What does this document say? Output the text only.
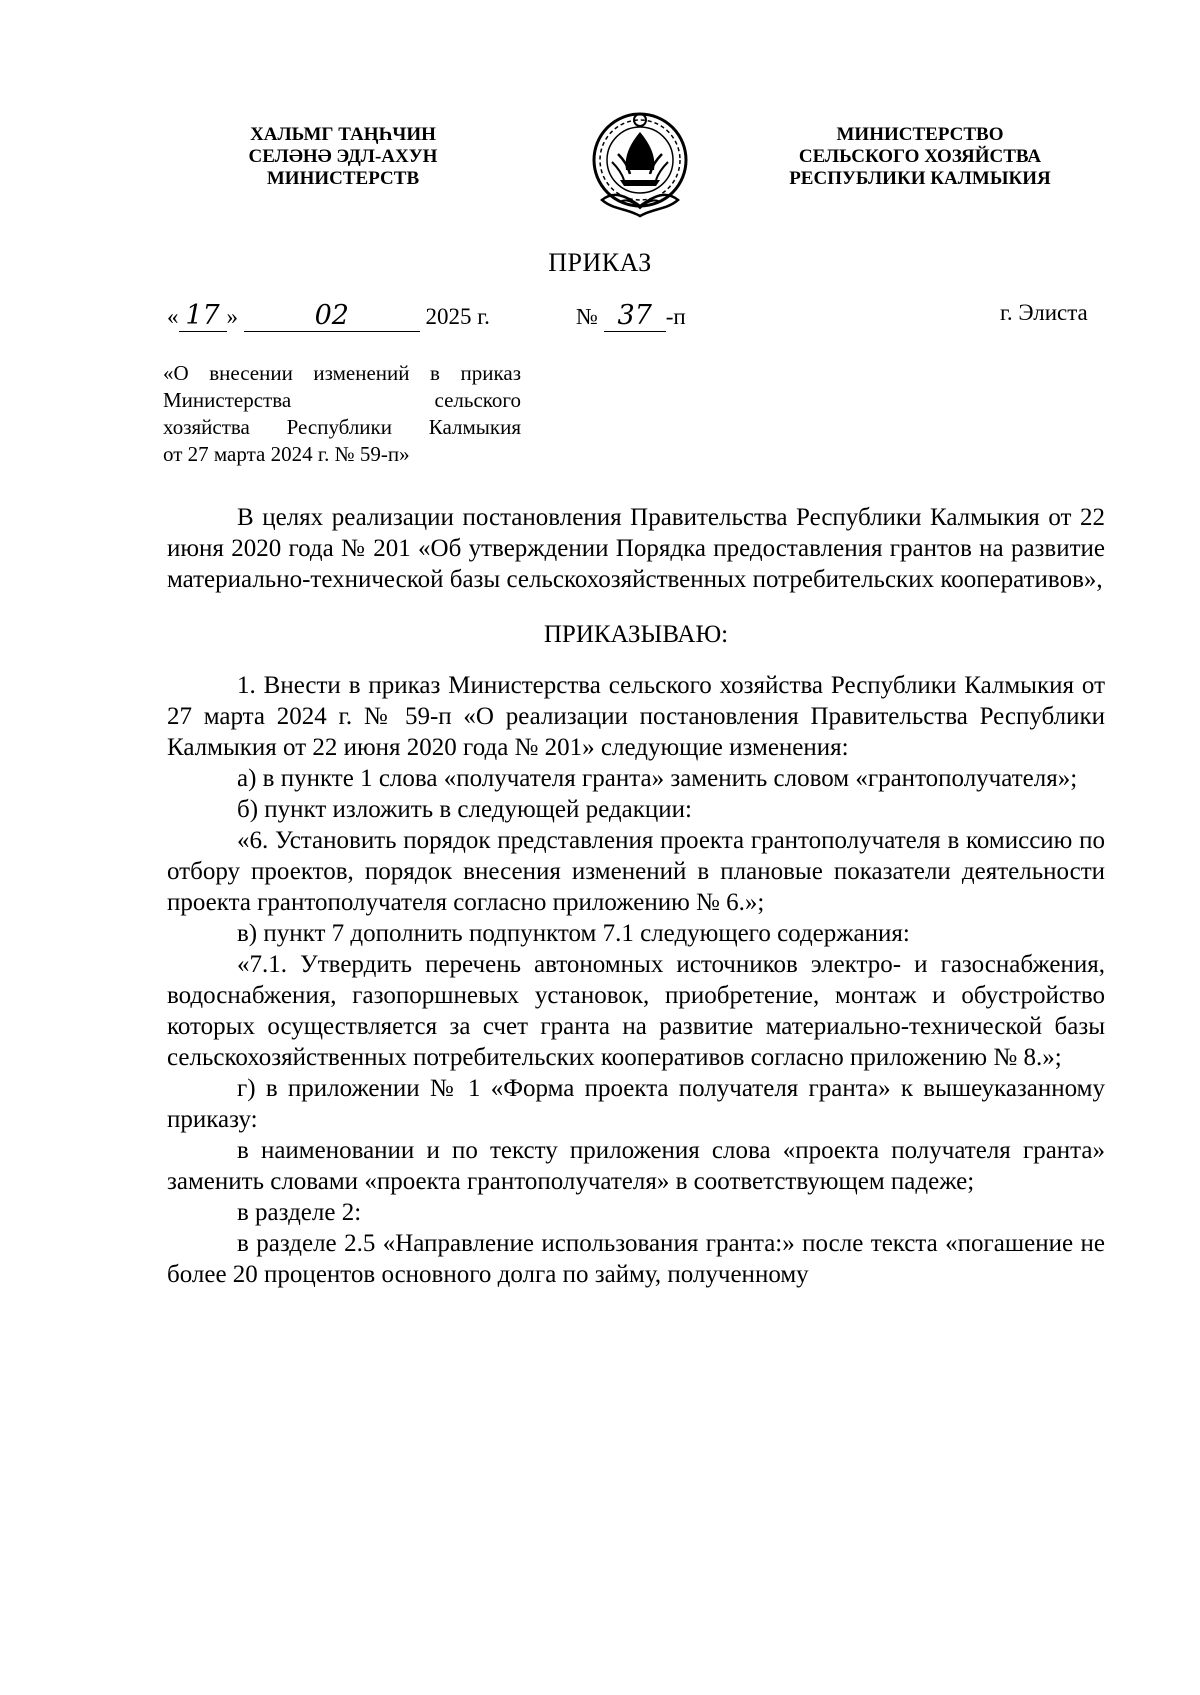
ХАЛЬМГ ТАҢҺЧИН
СЕЛӘНӘ ЭДЛ-АХУН
МИНИСТЕРСТВ
МИНИСТЕРСТВО
СЕЛЬСКОГО ХОЗЯЙСТВА
РЕСПУБЛИКИ КАЛМЫКИЯ
ПРИКАЗ
« 17 »	02	2025 г.	№ 37 -п	г. Элиста
«О внесении изменений в приказ
Министерства сельского
хозяйства Республики Калмыкия
от 27 марта 2024 г. № 59-п»
В целях реализации постановления Правительства Республики Калмыкия от 22 июня 2020 года № 201 «Об утверждении Порядка предоставления грантов на развитие материально-технической базы сельскохозяйственных потребительских кооперативов»,
ПРИКАЗЫВАЮ:
1. Внести в приказ Министерства сельского хозяйства Республики Калмыкия от 27 марта 2024 г. № 59-п «О реализации постановления Правительства Республики Калмыкия от 22 июня 2020 года № 201» следующие изменения:
а) в пункте 1 слова «получателя гранта» заменить словом «грантополучателя»;
б) пункт изложить в следующей редакции:
«6. Установить порядок представления проекта грантополучателя в комиссию по отбору проектов, порядок внесения изменений в плановые показатели деятельности проекта грантополучателя согласно приложению № 6.»;
в) пункт 7 дополнить подпунктом 7.1 следующего содержания:
«7.1. Утвердить перечень автономных источников электро- и газоснабжения, водоснабжения, газопоршневых установок, приобретение, монтаж и обустройство которых осуществляется за счет гранта на развитие материально-технической базы сельскохозяйственных потребительских кооперативов согласно приложению № 8.»;
г) в приложении № 1 «Форма проекта получателя гранта» к вышеуказанному приказу:
в наименовании и по тексту приложения слова «проекта получателя гранта» заменить словами «проекта грантополучателя» в соответствующем падеже;
в разделе 2:
в разделе 2.5 «Направление использования гранта:» после текста «погашение не более 20 процентов основного долга по займу, полученному
